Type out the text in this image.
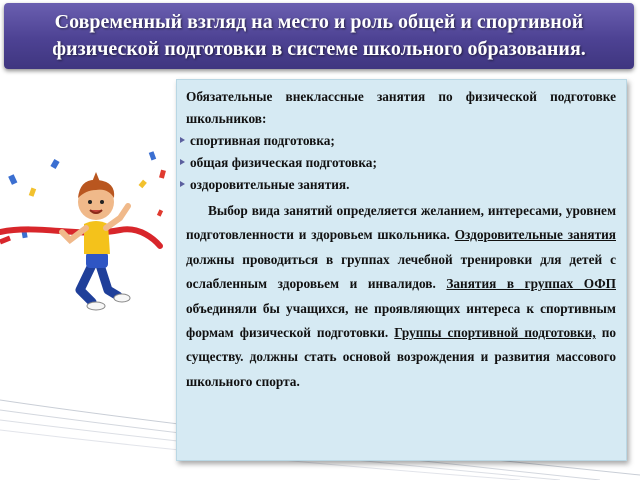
Современный взгляд на место и роль общей и спортивной физической подготовки в системе школьного образования.
Обязательные внеклассные занятия по физической подготовке школьников:
спортивная подготовка;
общая физическая подготовка;
оздоровительные занятия.
Выбор вида занятий определяется желанием, интересами, уровнем подготовленности и здоровьем школьника. Оздоровительные занятия должны проводиться в группах лечебной тренировки для детей с ослабленным здоровьем и инвалидов. Занятия в группах ОФП объединяли бы учащихся, не проявляющих интереса к спортивным формам физической подготовки. Группы спортивной подготовки, по существу. должны стать основой возрождения и развития массового школьного спорта.
